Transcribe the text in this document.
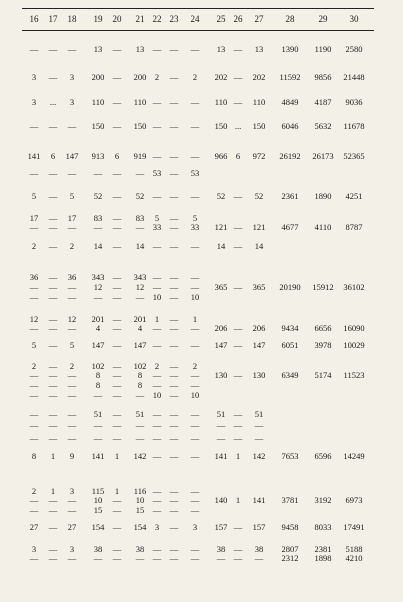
16 17 18 19 20 21 22 23 24 25 26 27 28	29 30
— — — 13 — 13 — — — 13 — 13 1390 1190 2580
3 — 3 200 — 200 2 — 2 202 — 202 11592 9856 21448
3 ... 3 110 — 110 — — — 110 — 110 4849 4187 9036
— — — 150 — 150 — — — 150 ... 150 6046 5632 11678
141 6 147 913 6 919 — — — 966 6 972 26192 26173 52365
— — — — — — 53 — 53
5 — 5 52 — 52 — — — 52 — 52 2361 1890 4251
17 — 17 83 — 83 5 — 5
— — — — — — 33 — 33 121 — 121 4677 4110 8787
2 — 2 14 — 14 — — — 14 — 14
36 — 36 343 — 343 — — —
— — — 12 — 12 — — — 365 — 365 20190 15912 36102
— — — — — — 10 — 10
12 — 12 201 — 201 1 — 1
— — — 4 — 4 — — — 206 — 206 9434 6656 16090
5 — 5 147 — 147 — — — 147 — 147 6051 3978 10029
2 — 2 102 — 102 2 — 2
— — — 8 — 8 — — — 130 — 130 6349 5174 11523
— — — 8 — 8 — — —
— — — — — — 10 — 10
— — — 51 — 51 — — — 51 — 51
— — — — — — — — — — — —
— — — — — — — — — — — —
8 1 9 141 1 142 — — — 141 1 142 7653 6596 14249
2 1 3 115 1 116 — — —
— — — 10 — 10 — — — 140 1 141 3781 3192 6973
— — — 15 — 15 — — —
27 — 27 154 — 154 3 — 3 157 — 157 9458 8033 17491
3 — 3 38 — 38 — — — 38 — 38 2807 2381 5188
— — — — — — — — — — — — 2312 1898 4210
